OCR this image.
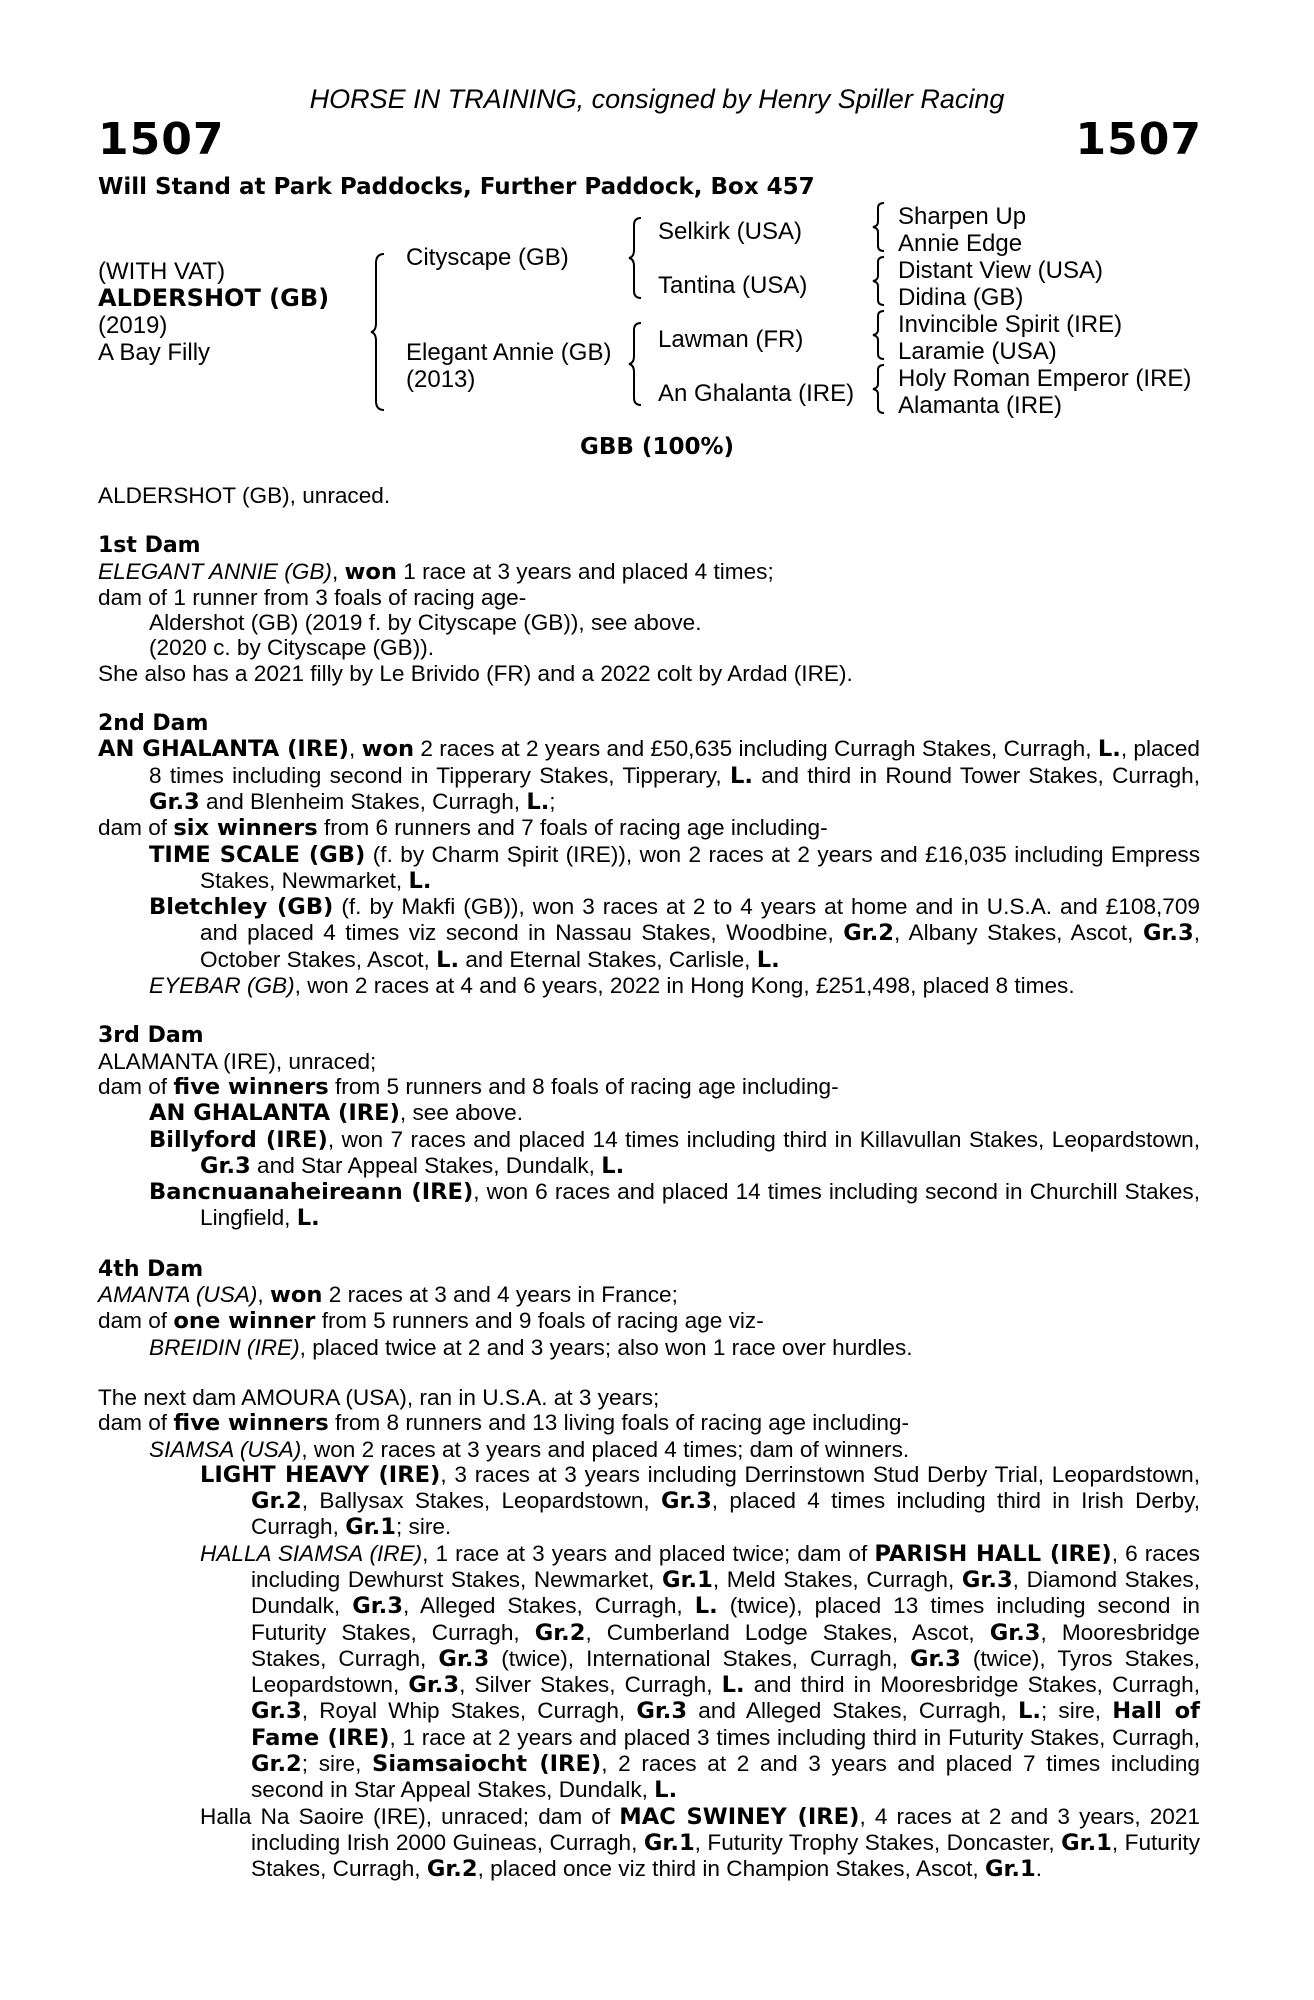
HORSE IN TRAINING, consigned by Henry Spiller Racing
1507	1507
Will Stand at Park Paddocks, Further Paddock, Box 457
(WITH VAT)
ALDERSHOT (GB)
(2019)
A Bay Filly
Cityscape (GB)
Elegant Annie (GB)
(2013)
Selkirk (USA)
Tantina (USA)
Lawman (FR)
An Ghalanta (IRE)
Sharpen Up
Annie Edge
Distant View (USA)
Didina (GB)
Invincible Spirit (IRE)
Laramie (USA)
Holy Roman Emperor (IRE)
Alamanta (IRE)
GBB (100%)

ALDERSHOT (GB), unraced.

1st Dam

ELEGANT ANNIE (GB), won 1 race at 3 years and placed 4 times;

dam of 1 runner from 3 foals of racing age-

Aldershot (GB) (2019 f. by Cityscape (GB)), see above.

(2020 c. by Cityscape (GB)).

She also has a 2021 filly by Le Brivido (FR) and a 2022 colt by Ardad (IRE).

2nd Dam

AN GHALANTA (IRE), won 2 races at 2 years and £50,635 including Curragh Stakes, Curragh, L., placed 8 times including second in Tipperary Stakes, Tipperary, L. and third in Round Tower Stakes, Curragh, Gr.3 and Blenheim Stakes, Curragh, L.;

dam of six winners from 6 runners and 7 foals of racing age including-

TIME SCALE (GB) (f. by Charm Spirit (IRE)), won 2 races at 2 years and £16,035 including Empress Stakes, Newmarket, L.

Bletchley (GB) (f. by Makfi (GB)), won 3 races at 2 to 4 years at home and in U.S.A. and £108,709 and placed 4 times viz second in Nassau Stakes, Woodbine, Gr.2, Albany Stakes, Ascot, Gr.3, October Stakes, Ascot, L. and Eternal Stakes, Carlisle, L.

EYEBAR (GB), won 2 races at 4 and 6 years, 2022 in Hong Kong, £251,498, placed 8 times.

3rd Dam

ALAMANTA (IRE), unraced;

dam of five winners from 5 runners and 8 foals of racing age including-

AN GHALANTA (IRE), see above.

Billyford (IRE), won 7 races and placed 14 times including third in Killavullan Stakes, Leopardstown, Gr.3 and Star Appeal Stakes, Dundalk, L.

Bancnuanaheireann (IRE), won 6 races and placed 14 times including second in Churchill Stakes, Lingfield, L.

4th Dam

AMANTA (USA), won 2 races at 3 and 4 years in France;

dam of one winner from 5 runners and 9 foals of racing age viz-

BREIDIN (IRE), placed twice at 2 and 3 years; also won 1 race over hurdles.

The next dam AMOURA (USA), ran in U.S.A. at 3 years;

dam of five winners from 8 runners and 13 living foals of racing age including-

SIAMSA (USA), won 2 races at 3 years and placed 4 times; dam of winners.

LIGHT HEAVY (IRE), 3 races at 3 years including Derrinstown Stud Derby Trial, Leopardstown, Gr.2, Ballysax Stakes, Leopardstown, Gr.3, placed 4 times including third in Irish Derby, Curragh, Gr.1; sire.

HALLA SIAMSA (IRE), 1 race at 3 years and placed twice; dam of PARISH HALL (IRE), 6 races including Dewhurst Stakes, Newmarket, Gr.1, Meld Stakes, Curragh, Gr.3, Diamond Stakes, Dundalk, Gr.3, Alleged Stakes, Curragh, L. (twice), placed 13 times including second in Futurity Stakes, Curragh, Gr.2, Cumberland Lodge Stakes, Ascot, Gr.3, Mooresbridge Stakes, Curragh, Gr.3 (twice), International Stakes, Curragh, Gr.3 (twice), Tyros Stakes, Leopardstown, Gr.3, Silver Stakes, Curragh, L. and third in Mooresbridge Stakes, Curragh, Gr.3, Royal Whip Stakes, Curragh, Gr.3 and Alleged Stakes, Curragh, L.; sire, Hall of Fame (IRE), 1 race at 2 years and placed 3 times including third in Futurity Stakes, Curragh, Gr.2; sire, Siamsaiocht (IRE), 2 races at 2 and 3 years and placed 7 times including second in Star Appeal Stakes, Dundalk, L.

Halla Na Saoire (IRE), unraced; dam of MAC SWINEY (IRE), 4 races at 2 and 3 years, 2021 including Irish 2000 Guineas, Curragh, Gr.1, Futurity Trophy Stakes, Doncaster, Gr.1, Futurity Stakes, Curragh, Gr.2, placed once viz third in Champion Stakes, Ascot, Gr.1.
